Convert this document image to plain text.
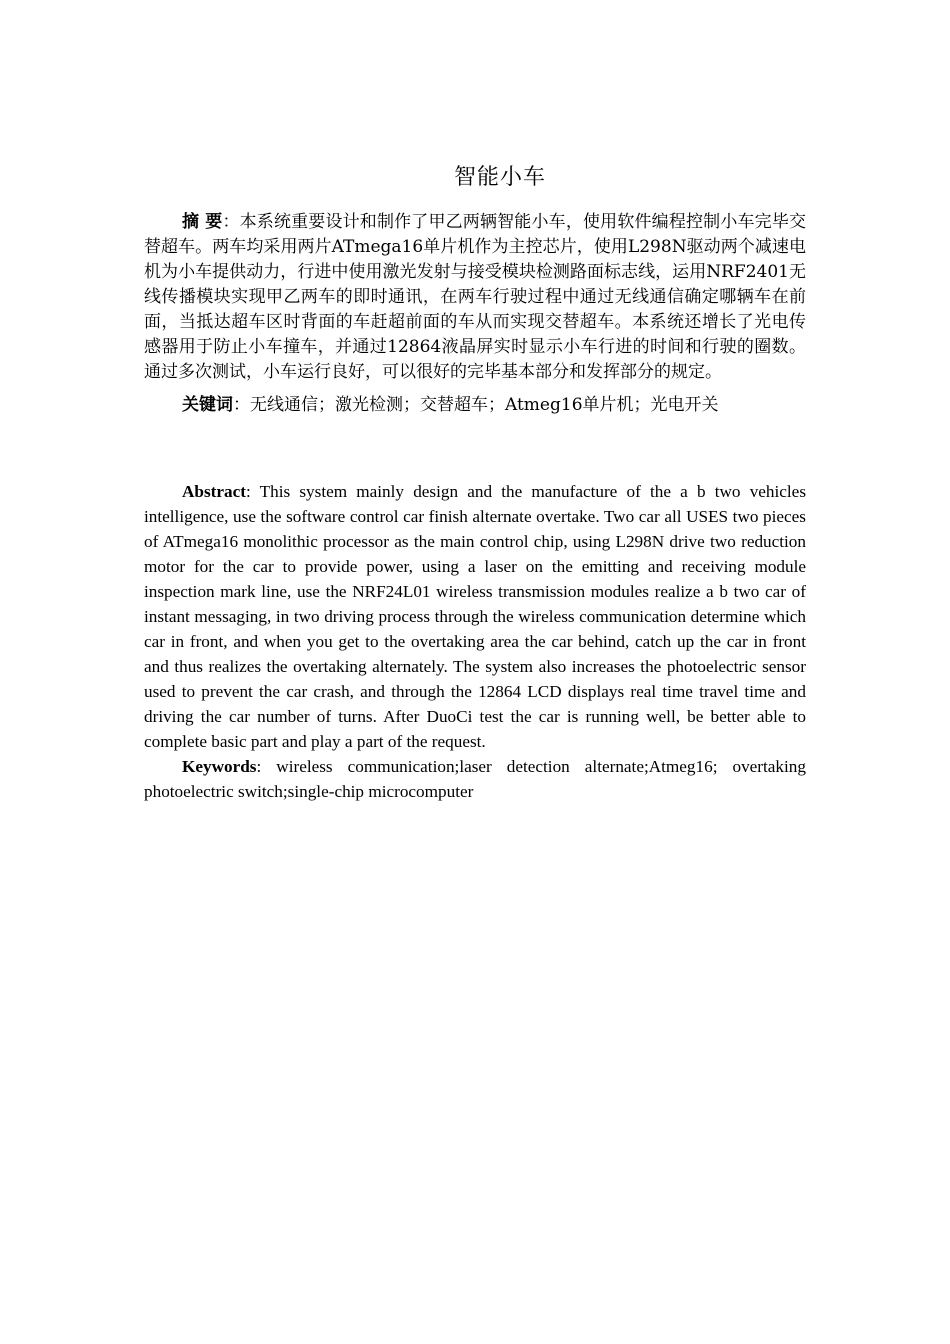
智能小车

摘 要：本系统重要设计和制作了甲乙两辆智能小车，使用软件编程控制小车完毕交替超车。两车均采用两片ATmega16单片机作为主控芯片，使用L298N驱动两个减速电机为小车提供动力，行进中使用激光发射与接受模块检测路面标志线，运用NRF2401无线传播模块实现甲乙两车的即时通讯，在两车行驶过程中通过无线通信确定哪辆车在前面，当抵达超车区时背面的车赶超前面的车从而实现交替超车。本系统还增长了光电传感器用于防止小车撞车，并通过12864液晶屏实时显示小车行进的时间和行驶的圈数。通过多次测试，小车运行良好，可以很好的完毕基本部分和发挥部分的规定。

关键词：无线通信；激光检测；交替超车；Atmeg16单片机；光电开关

Abstract: This system mainly design and the manufacture of the a b two vehicles intelligence, use the software control car finish alternate overtake. Two car all USES two pieces of ATmega16 monolithic processor as the main control chip, using L298N drive two reduction motor for the car to provide power, using a laser on the emitting and receiving module inspection mark line, use the NRF24L01 wireless transmission modules realize a b two car of instant messaging, in two driving process through the wireless communication determine which car in front, and when you get to the overtaking area the car behind, catch up the car in front and thus realizes the overtaking alternately. The system also increases the photoelectric sensor used to prevent the car crash, and through the 12864 LCD displays real time travel time and driving the car number of turns. After DuoCi test the car is running well, be better able to complete basic part and play a part of the request.

Keywords: wireless communication;laser detection alternate;Atmeg16; overtaking photoelectric switch;single-chip microcomputer
